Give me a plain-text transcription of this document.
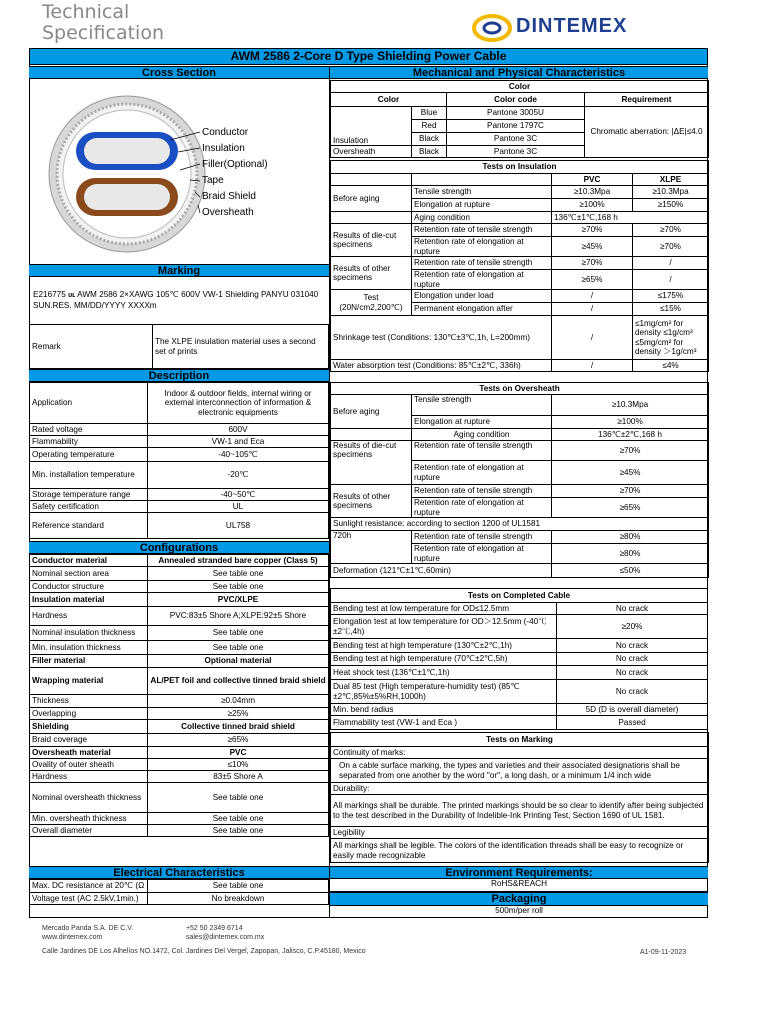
Technical
Specification	DINTEMEX
AWM 2586 2-Core D Type Shielding Power Cable
Cross Section
Conductor
Insulation
Filler(Optional)
Tape
Braid Shield
Oversheath
Marking
E216775 ᴜʟ AWM 2586 2×XAWG 105℃ 600V VW-1 Shielding PANYU 031040 SUN.RES. MM/DD/YYYY XXXXm
Remark	The XLPE insulation material uses a second set of prints
Description
Application	Indoor & outdoor fields, internal wiring or external interconnection of information & electronic equipments
Rated voltage	600V
Flammability	VW-1 and Eca
Operating temperature	-40~105℃
Min. installation temperature	-20℃
Storage temperature range	-40~50℃
Safety certification	UL
Reference standard	UL758
Configurations
Conductor material	Annealed stranded bare copper (Class 5)
Nominal section area	See table one
Conductor structure	See table one
Insulation material	PVC/XLPE
Hardness	PVC:83±5 Shore A;XLPE:92±5 Shore
Nominal insulation thickness	See table one
Min. insulation thickness	See table one
Filler material	Optional material
Wrapping material	AL/PET foil and collective tinned braid shield
Thickness	≥0.04mm
Overlapping	≥25%
Shielding	Collective tinned braid shield
Braid coverage	≥65%
Oversheath material	PVC
Ovality of outer sheath	≤10%
Hardness	83±5 Shore A
Nominal oversheath thickness	See table one
Min. oversheath thickness	See table one
Overall diameter	See table one
Electrical Characteristics
Max. DC resistance at 20℃ (Ω	See table one
Voltage test (AC 2.5kV,1min.)	No breakdown
Mechanical and Physical Characteristics
Color			
Color		Color code	Requirement
Insulation	Blue	Pantone 3005U	Chromatic aberration: |ΔE|≤4.0
	Red	Pantone 1797C	
	Black	Pantone 3C	
Oversheath	Black	Pantone 3C	
Tests on Insulation			
		PVC	XLPE
Before aging	Tensile strength	≥10.3Mpa	≥10.3Mpa
	Elongation at rupture	≥100%	≥150%
	Aging condition	136℃±1℃,168 h	
Results of die-cut specimens	Retention rate of tensile strength	≥70%	≥70%
	Retention rate of elongation at rupture	≥45%	≥70%
Results of other specimens	Retention rate of tensile strength	≥70%	/
	Retention rate of elongation at rupture	≥65%	/
Test (20N/cm2,200℃)	Elongation under load	/	≤175%
	Permanent elongation after	/	≤15%
Shrinkage test (Conditions: 130℃±3℃,1h, L=200mm)		/	≤1mg/cm² for density ≤1g/cm³ ≤5mg/cm² for density ＞1g/cm³
Water absorption test (Conditions: 85℃±2℃, 336h)		/	≤4%
Tests on Oversheath		
Before aging	Tensile strength	≥10.3Mpa
	Elongation at rupture	≥100%
	Aging condition	136℃±2℃,168 h
Results of die-cut specimens	Retention rate of tensile strength	≥70%
	Retention rate of elongation at rupture	≥45%
Results of other specimens	Retention rate of tensile strength	≥70%
	Retention rate of elongation at rupture	≥65%
Sunlight resistance: according to section 1200 of UL1581		
720h	Retention rate of tensile strength	≥80%
	Retention rate of elongation at rupture	≥80%
Deformation (121℃±1℃,60min)		≤50%
Tests on Completed Cable	
Bending test at low temperature for OD≤12.5mm	No crack
Elongation test at low temperature for OD＞12.5mm (-40℃±2℃,4h)	≥20%
Bending test at high temperature (130℃±2℃,1h)	No crack
Bending test at high temperature (70℃±2℃,5h)	No crack
Heat shock test (136℃±1℃,1h)	No crack
Dual 85 test (High temperature-humidity test) (85℃±2℃,85%±5%RH,1000h)	No crack
Min. bend radius	5D (D is overall diameter)
Flammability test (VW-1 and Eca )	Passed
Tests on Marking
Continuity of marks:
On a cable surface marking, the types and varieties and their associated designations shall be separated from one another by the word "or", a long dash, or a minimum 1/4 inch wide
Durability:
All markings shall be durable. The printed markings should be so clear to identify after being subjected to the test described in the Durability of Indelible-Ink Printing Test, Section 1690 of UL 1581.
Legibility
All markings shall be legible. The colors of the identification threads shall be easy to recognize or easily made recognizable
Environment Requirements:
RoHS&REACH
Packaging
500m/per roll
Mercado Panda S.A. DE C.V.	+52 50 2349 6714
www.dintemex.com	sales@dintemex.com.mx

Calle Jardines DE Los Alhelíos NO.1472, Col. Jardines Del Vergel, Zapopan, Jalisco, C.P.45180, Mexico	A1-09-11-2023
